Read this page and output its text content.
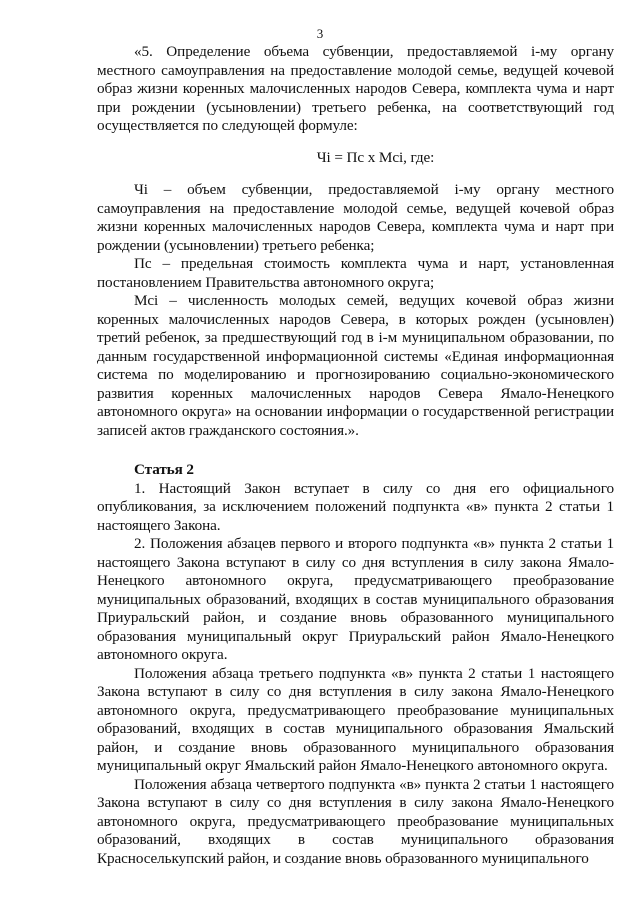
3

«5. Определение объема субвенции, предоставляемой i-му органу местного самоуправления на предоставление молодой семье, ведущей кочевой образ жизни коренных малочисленных народов Севера, комплекта чума и нарт при рождении (усыновлении) третьего ребенка, на соответствующий год осуществляется по следующей формуле:

Чi = Пс х Мсi, где:

Чi – объем субвенции, предоставляемой i-му органу местного самоуправления на предоставление молодой семье, ведущей кочевой образ жизни коренных малочисленных народов Севера, комплекта чума и нарт при рождении (усыновлении) третьего ребенка;

Пс – предельная стоимость комплекта чума и нарт, установленная постановлением Правительства автономного округа;

Мсi – численность молодых семей, ведущих кочевой образ жизни коренных малочисленных народов Севера, в которых рожден (усыновлен) третий ребенок, за предшествующий год в i-м муниципальном образовании, по данным государственной информационной системы «Единая информационная система по моделированию и прогнозированию социально-экономического развития коренных малочисленных народов Севера Ямало-Ненецкого автономного округа» на основании информации о государственной регистрации записей актов гражданского состояния.».

Статья 2

1. Настоящий Закон вступает в силу со дня его официального опубликования, за исключением положений подпункта «в» пункта 2 статьи 1 настоящего Закона.

2. Положения абзацев первого и второго подпункта «в» пункта 2 статьи 1 настоящего Закона вступают в силу со дня вступления в силу закона Ямало-Ненецкого автономного округа, предусматривающего преобразование муниципальных образований, входящих в состав муниципального образования Приуральский район, и создание вновь образованного муниципального образования муниципальный округ Приуральский район Ямало-Ненецкого автономного округа.

Положения абзаца третьего подпункта «в» пункта 2 статьи 1 настоящего Закона вступают в силу со дня вступления в силу закона Ямало-Ненецкого автономного округа, предусматривающего преобразование муниципальных образований, входящих в состав муниципального образования Ямальский район, и создание вновь образованного муниципального образования муниципальный округ Ямальский район Ямало-Ненецкого автономного округа.

Положения абзаца четвертого подпункта «в» пункта 2 статьи 1 настоящего Закона вступают в силу со дня вступления в силу закона Ямало-Ненецкого автономного округа, предусматривающего преобразование муниципальных образований, входящих в состав муниципального образования Красноселькупский район, и создание вновь образованного муниципального
